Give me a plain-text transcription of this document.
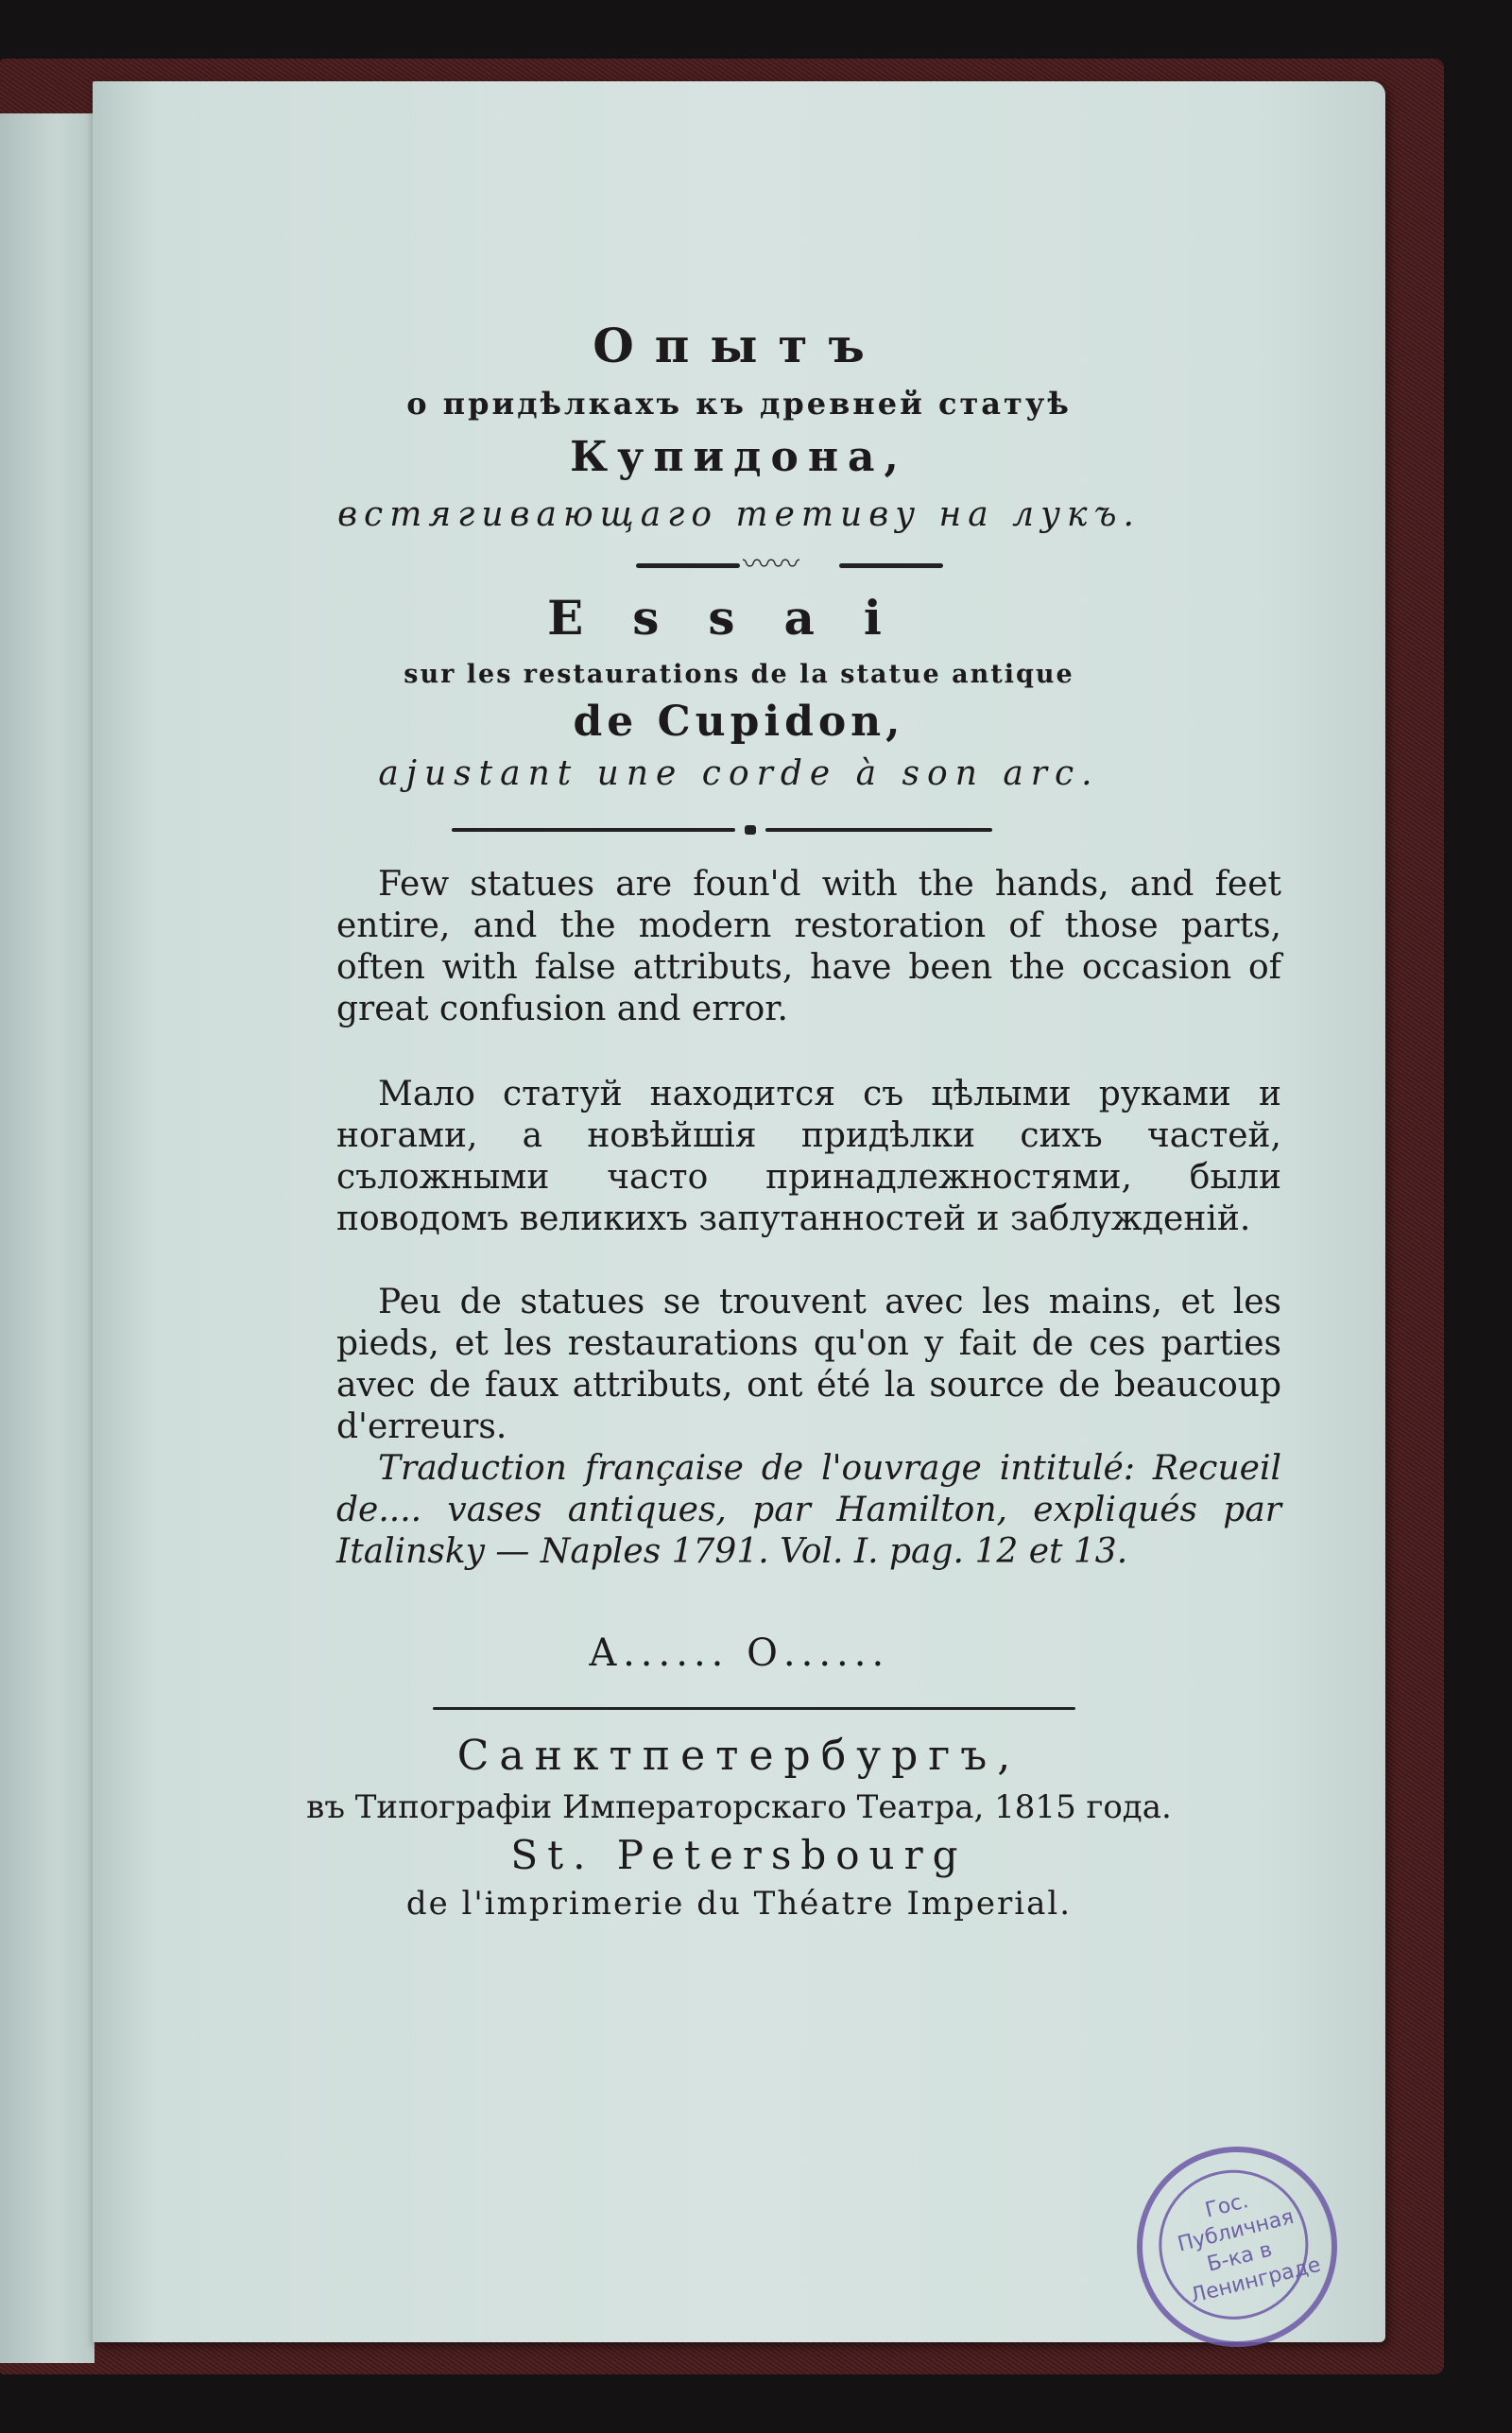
Опытъ
о придѣлкахъ къ древней статуѣ
Купидона,
встягивающаго тетиву на лукъ.
〰〰
Essai
sur les restaurations de la statue antique
de Cupidon,
ajustant une corde à son arc.

Few statues are foun'd with the hands, and feet entire, and the modern restoration of those parts, often with false attributs, have been the occasion of great confusion and error.

Мало статуй находится съ цѣлыми руками и ногами, а новѣйшія придѣлки сихъ частей, съложными часто принадлежностями, были поводомъ великихъ запутанностей и заблужденій.

Peu de statues se trouvent avec les mains, et les pieds, et les restaurations qu'on y fait de ces parties avec de faux attributs, ont été la source de beaucoup d'erreurs.

Traduction française de l'ouvrage intitulé: Recueil de.... vases antiques, par Hamilton, expliqués par Italinsky — Naples 1791. Vol. I. pag. 12 et 13.

А...... О......
Санктпетербургъ,
въ Типографіи Императорскаго Театра, 1815 года.
St. Petersbourg
de l'imprimerie du Théatre Imperial.
Гос. Публичная Б-ка в Ленинграде
